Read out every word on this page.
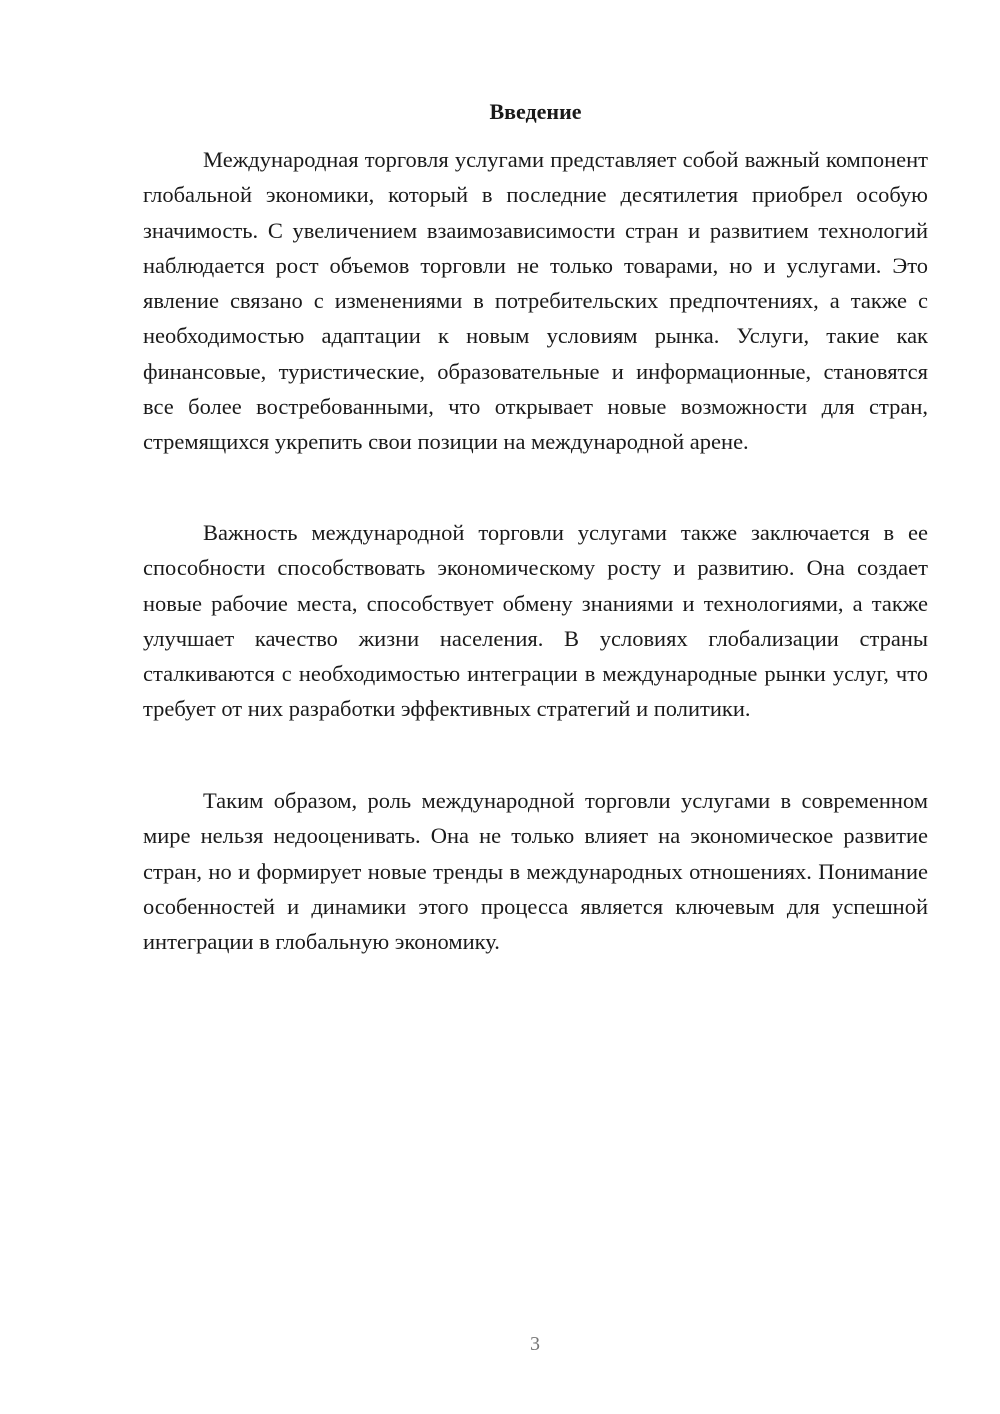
Введение

Международная торговля услугами представляет собой важный компонент глобальной экономики, который в последние десятилетия приобрел особую значимость. С увеличением взаимозависимости стран и развитием технологий наблюдается рост объемов торговли не только товарами, но и услугами. Это явление связано с изменениями в потребительских предпочтениях, а также с необходимостью адаптации к новым условиям рынка. Услуги, такие как финансовые, туристические, образовательные и информационные, становятся все более востребованными, что открывает новые возможности для стран, стремящихся укрепить свои позиции на международной арене.

Важность международной торговли услугами также заключается в ее способности способствовать экономическому росту и развитию. Она создает новые рабочие места, способствует обмену знаниями и технологиями, а также улучшает качество жизни населения. В условиях глобализации страны сталкиваются с необходимостью интеграции в международные рынки услуг, что требует от них разработки эффективных стратегий и политики.

Таким образом, роль международной торговли услугами в современном мире нельзя недооценивать. Она не только влияет на экономическое развитие стран, но и формирует новые тренды в международных отношениях. Понимание особенностей и динамики этого процесса является ключевым для успешной интеграции в глобальную экономику.

3
